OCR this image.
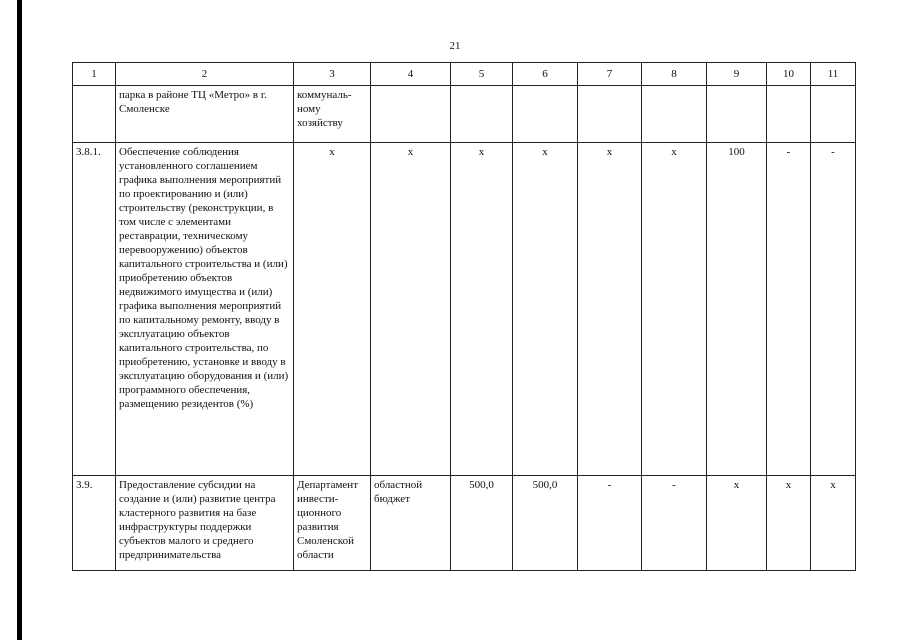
21
1	2	3	4	5	6	7	8	9	10	11
	парка в районе ТЦ «Метро» в г. Смоленске	коммуналь-ному хозяйству								
3.8.1.	Обеспечение соблюдения установленного соглашением графика выполнения мероприятий по проектированию и (или) строительству (реконструкции, в том числе с элементами реставрации, техническому перевооружению) объектов капитального строительства и (или) приобретению объектов недвижимого имущества и (или) графика выполнения мероприятий по капитальному ремонту, вводу в эксплуатацию объектов капитального строительства, по приобретению, установке и вводу в эксплуатацию оборудования и (или) программного обеспечения, размещению резидентов (%)	х	х	х	х	х	х	100	-	-
3.9.	Предоставление субсидии на создание и (или) развитие центра кластерного развития на базе инфраструктуры поддержки субъектов малого и среднего предпринимательства	Департамент инвести-ционного развития Смоленской области	областной бюджет	500,0	500,0	-	-	х	х	х
